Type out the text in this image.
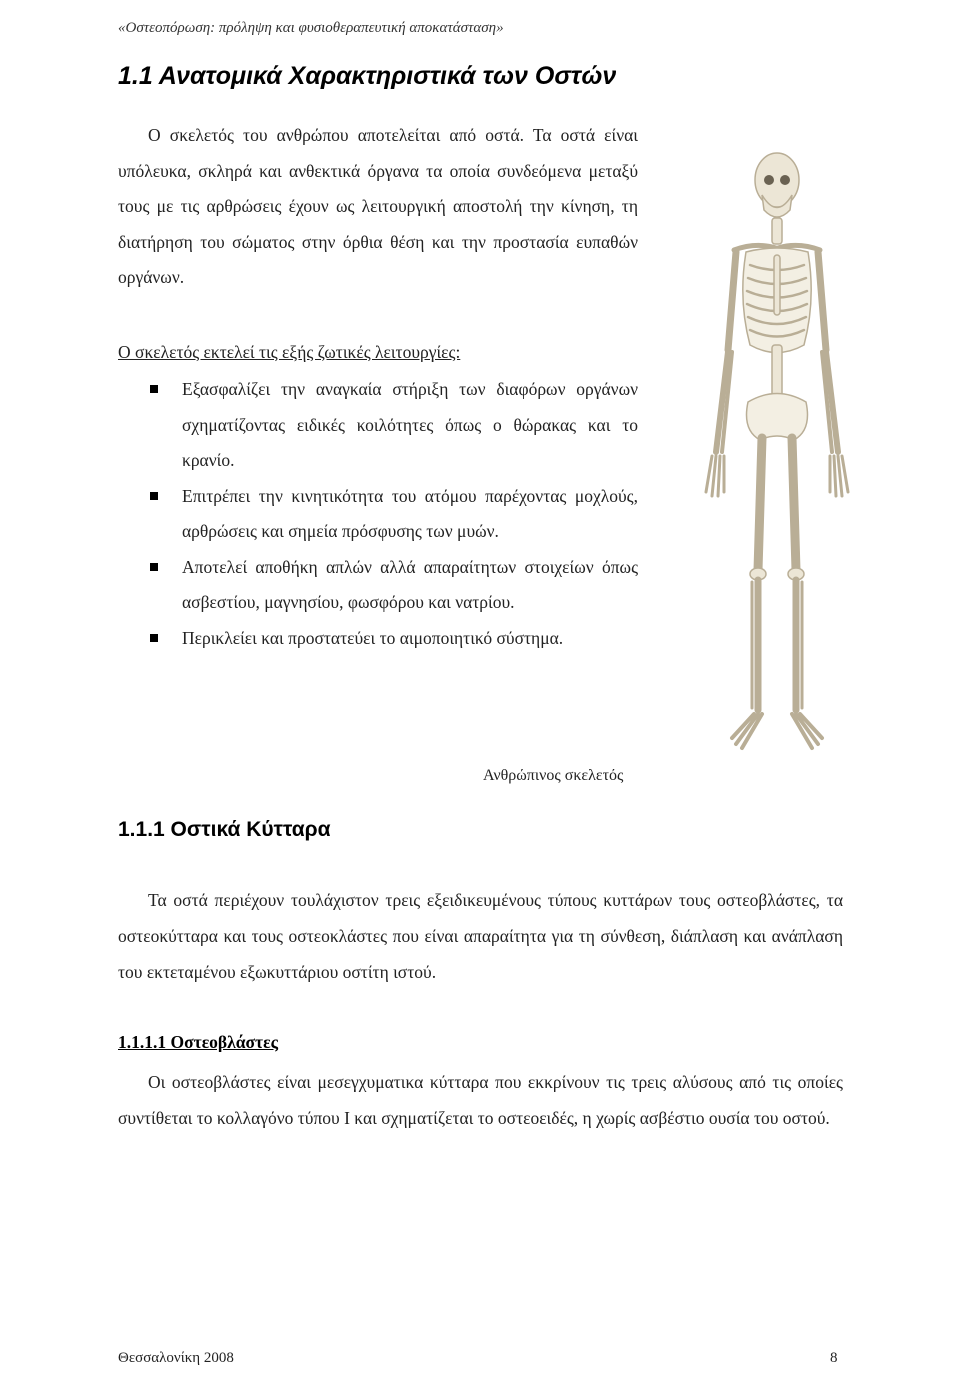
«Οστεοπόρωση: πρόληψη και φυσιοθεραπευτική αποκατάσταση»
1.1 Ανατομικά Χαρακτηριστικά των Οστών
Ο σκελετός του ανθρώπου αποτελείται από οστά. Τα οστά είναι υπόλευκα, σκληρά και ανθεκτικά όργανα τα οποία συνδεόμενα μεταξύ τους με τις αρθρώσεις έχουν ως λειτουργική αποστολή την κίνηση, τη διατήρηση του σώματος στην όρθια θέση και την προστασία ευπαθών οργάνων.
Ο σκελετός εκτελεί τις εξής ζωτικές λειτουργίες:
Εξασφαλίζει την αναγκαία στήριξη των διαφόρων οργάνων σχηματίζοντας ειδικές κοιλότητες όπως ο θώρακας και το κρανίο.
Επιτρέπει την κινητικότητα του ατόμου παρέχοντας μοχλούς, αρθρώσεις και σημεία πρόσφυσης των μυών.
Αποτελεί αποθήκη απλών αλλά απαραίτητων στοιχείων όπως ασβεστίου, μαγνησίου, φωσφόρου και νατρίου.
Περικλείει και προστατεύει το αιμοποιητικό σύστημα.
Ανθρώπινος σκελετός
1.1.1 Οστικά Κύτταρα
Τα οστά περιέχουν τουλάχιστον τρεις εξειδικευμένους τύπους κυττάρων τους οστεοβλάστες, τα οστεοκύτταρα και τους οστεοκλάστες που είναι απαραίτητα για τη σύνθεση, διάπλαση και ανάπλαση του εκτεταμένου εξωκυττάριου οστίτη ιστού.
1.1.1.1 Οστεοβλάστες
Οι οστεοβλάστες είναι μεσεγχυματικα κύτταρα που εκκρίνουν τις τρεις αλύσους από τις οποίες συντίθεται το κολλαγόνο τύπου Ι και σχηματίζεται το οστεοειδές, η χωρίς ασβέστιο ουσία του οστού.
Θεσσαλονίκη 2008	8
